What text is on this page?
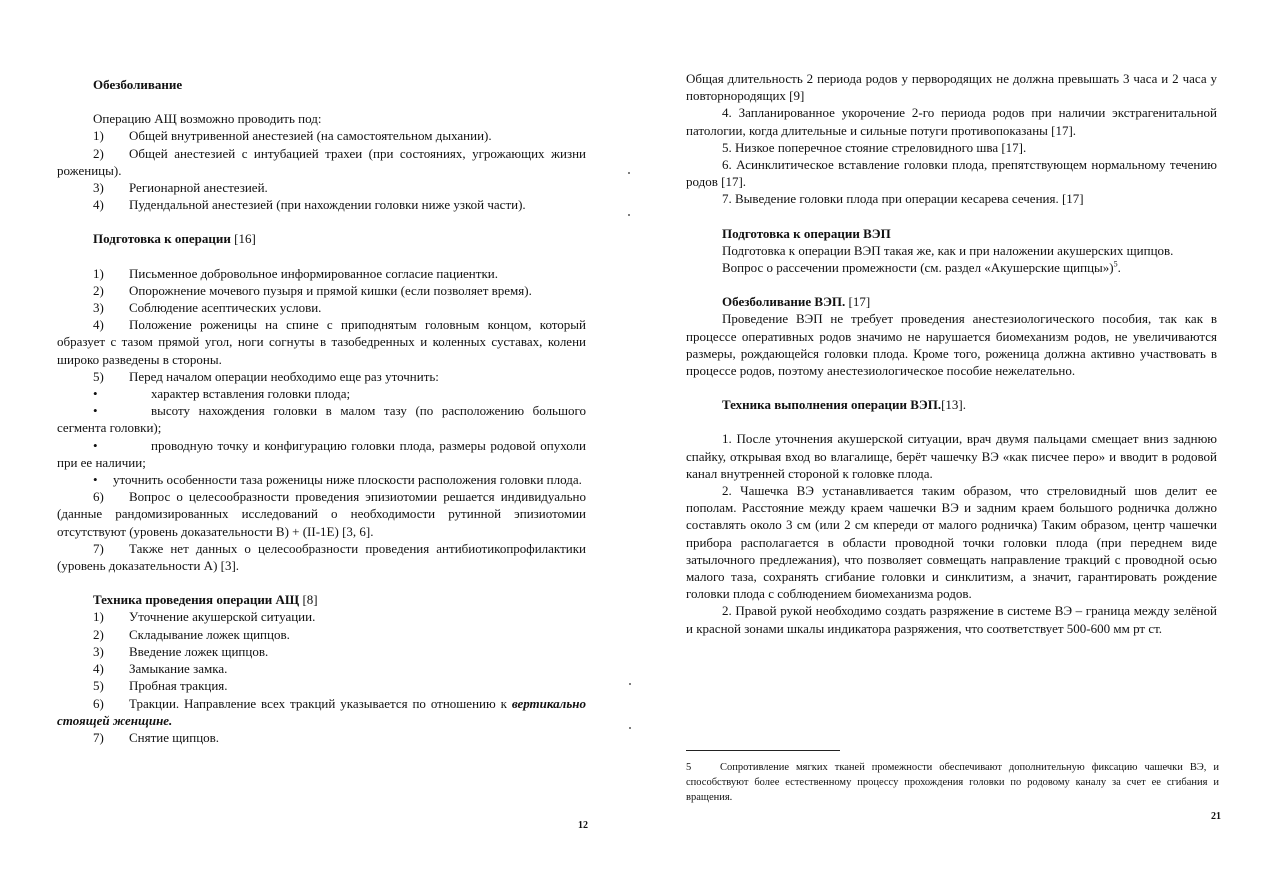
Обезболивание

Операцию АЩ возможно проводить под:

1) Общей внутривенной анестезией (на самостоятельном дыхании).

2) Общей анестезией с интубацией трахеи (при состояниях, угрожающих жизни роженицы).

3) Регионарной анестезией.

4) Пудендальной анестезией (при нахождении головки ниже узкой части).

Подготовка к операции [16]

1) Письменное добровольное информированное согласие пациентки.

2) Опорожнение мочевого пузыря и прямой кишки (если позволяет время).

3) Соблюдение асептических услови.

4) Положение роженицы на спине с приподнятым головным концом, который образует с тазом прямой угол, ноги согнуты в тазобедренных и коленных суставах, колени широко разведены в стороны.

5) Перед началом операции необходимо еще раз уточнить:

•	характер вставления головки плода;

•	высоту нахождения головки в малом тазу (по расположению большого сегмента головки);

•	проводную точку и конфигурацию головки плода, размеры родовой опухоли при ее наличии;

• уточнить особенности таза роженицы ниже плоскости расположения головки плода.

6) Вопрос о целесообразности проведения эпизиотомии решается индивидуально (данные рандомизированных исследований о необходимости рутинной эпизиотомии отсутствуют (уровень доказательности В) + (II-1E) [3, 6].

7) Также нет данных о целесообразности проведения антибиотикопрофилактики (уровень доказательности А) [3].

Техника проведения операции АЩ [8]

1) Уточнение акушерской ситуации.

2) Складывание ложек щипцов.

3) Введение ложек щипцов.

4) Замыкание замка.

5) Пробная тракция.

6) Тракции. Направление всех тракций указывается по отношению к вертикально стоящей женщине.

7) Снятие щипцов.

12

Общая длительность 2 периода родов у первородящих не должна превышать 3 часа и 2 часа у повторнородящих [9]

4. Запланированное укорочение 2-го периода родов при наличии экстрагенитальной патологии, когда длительные и сильные потуги противопоказаны [17].

5. Низкое поперечное стояние стреловидного шва [17].

6. Асинклитическое вставление головки плода, препятствующем нормальному течению родов [17].

7. Выведение головки плода при операции кесарева сечения. [17]

Подготовка к операции ВЭП

Подготовка к операции ВЭП такая же, как и при наложении акушерских щипцов.

Вопрос о рассечении промежности (см. раздел «Акушерские щипцы»)$^5$.

Обезболивание ВЭП. [17]

Проведение ВЭП не требует проведения анестезиологического пособия, так как в процессе оперативных родов значимо не нарушается биомеханизм родов, не увеличиваются размеры, рождающейся головки плода. Кроме того, роженица должна активно участвовать в процессе родов, поэтому анестезиологическое пособие нежелательно.

Техника выполнения операции ВЭП.[13].

1. После уточнения акушерской ситуации, врач двумя пальцами смещает вниз заднюю спайку, открывая вход во влагалище, берёт чашечку ВЭ «как писчее перо» и вводит в родовой канал внутренней стороной к головке плода.

2. Чашечка ВЭ устанавливается таким образом, что стреловидный шов делит ее пополам. Расстояние между краем чашечки ВЭ и задним краем большого родничка должно составлять около 3 см (или 2 см кпереди от малого родничка) Таким образом, центр чашечки прибора располагается в области проводной точки головки плода (при переднем виде затылочного предлежания), что позволяет совмещать направление тракций с проводной осью малого таза, сохранять сгибание головки и синклитизм, а значит, гарантировать рождение головки плода с соблюдением биомеханизма родов.

2. Правой рукой необходимо создать разряжение в системе ВЭ – граница между зелёной и красной зонами шкалы индикатора разряжения, что соответствует 500-600 мм рт ст.

5	Сопротивление мягких тканей промежности обеспечивают дополнительную фиксацию чашечки ВЭ, и способствуют более естественному процессу прохождения головки по родовому каналу за счет ее сгибания и вращения.
21
